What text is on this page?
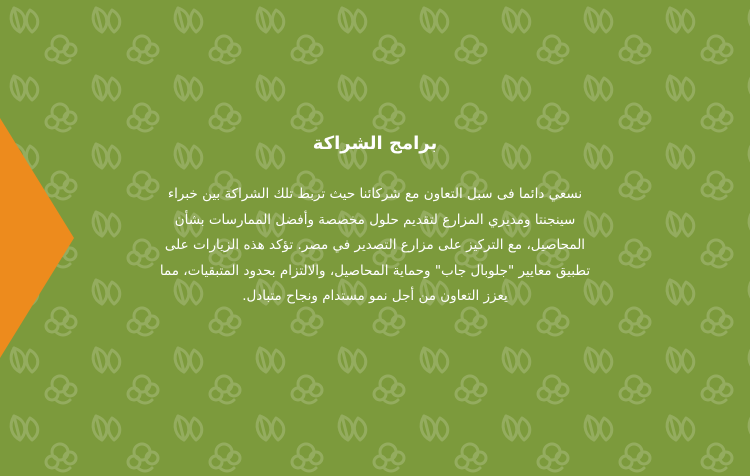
برامج الشراكة

نسعي دائما فى سبل التعاون مع شركائنا حيث تربط تلك الشراكة بين خبراء سينجنتا ومديري المزارع لتقديم حلول مخصصة وأفضل الممارسات بشأن المحاصيل، مع التركيز على مزارع التصدير في مصر. تؤكد هذه الزيارات على تطبيق معايير "جلوبال جاب" وحماية المحاصيل، والالتزام بحدود المتبقيات، مما يعزز التعاون من أجل نمو مستدام ونجاح متبادل.
